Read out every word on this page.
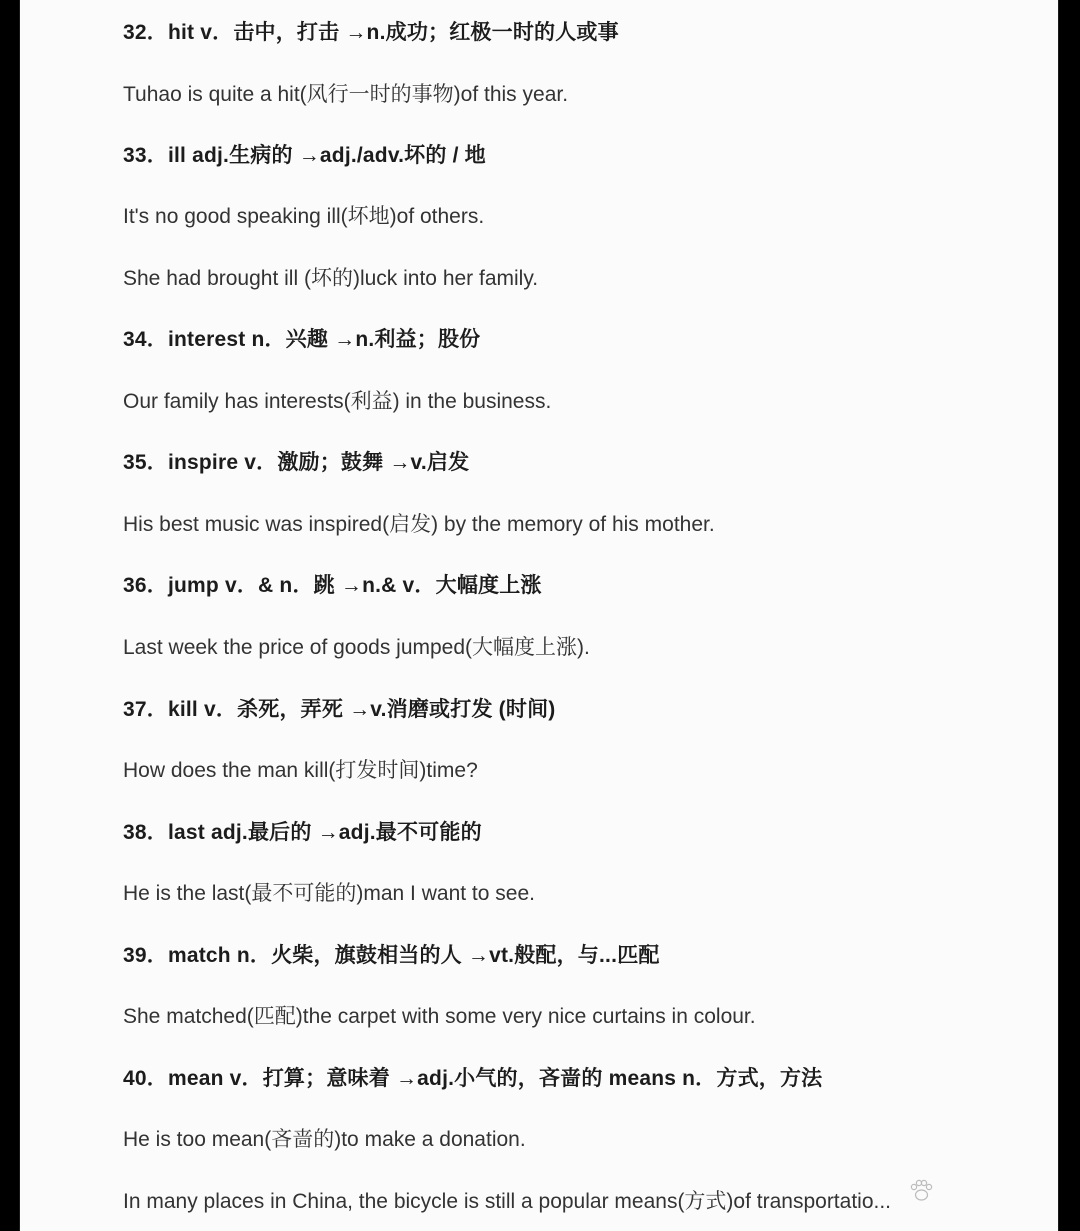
32．hit v．击中，打击 →n.成功；红极一时的人或事
Tuhao is quite a hit(风行一时的事物)of this year.
33．ill adj.生病的 →adj./adv.坏的 / 地
It's no good speaking ill(坏地)of others.
She had brought ill (坏的)luck into her family.
34．interest n．兴趣 →n.利益；股份
Our family has interests(利益) in the business.
35．inspire v．激励；鼓舞 →v.启发
His best music was inspired(启发) by the memory of his mother.
36．jump v．& n．跳 →n.& v．大幅度上涨
Last week the price of goods jumped(大幅度上涨).
37．kill v．杀死，弄死 →v.消磨或打发 (时间)
How does the man kill(打发时间)time?
38．last adj.最后的 →adj.最不可能的
He is the last(最不可能的)man I want to see.
39．match n．火柴，旗鼓相当的人 →vt.般配，与...匹配
She matched(匹配)the carpet with some very nice curtains in colour.
40．mean v．打算；意味着 →adj.小气的，吝啬的 means n．方式，方法
He is too mean(吝啬的)to make a donation.
In many places in China, the bicycle is still a popular means(方式)of transportatio...
